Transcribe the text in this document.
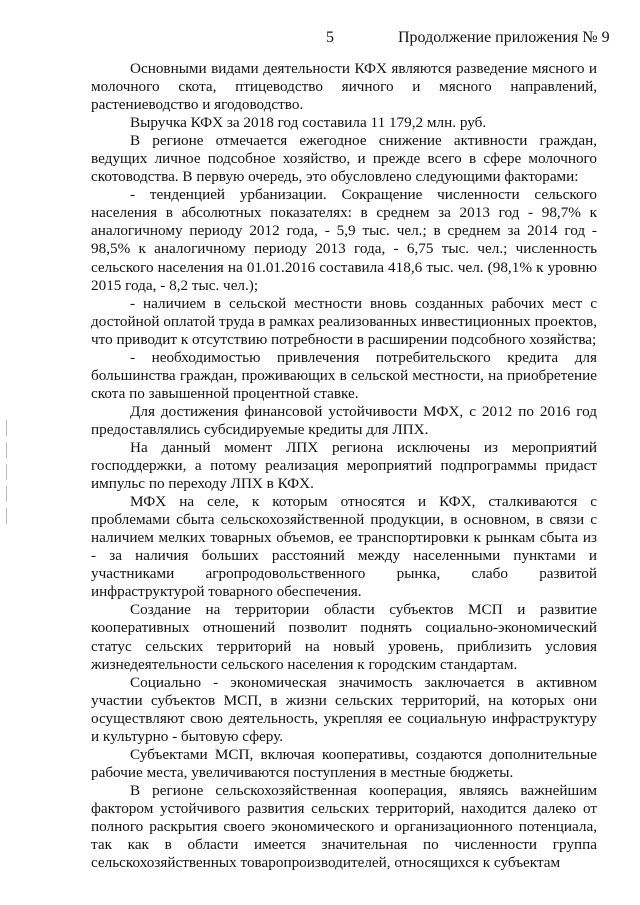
5	Продолжение приложения № 9

Основными видами деятельности КФХ являются разведение мясного и молочного скота, птицеводство яичного и мясного направлений, растениеводство и ягодоводство.

Выручка КФХ за 2018 год составила 11 179,2 млн. руб.

В регионе отмечается ежегодное снижение активности граждан, ведущих личное подсобное хозяйство, и прежде всего в сфере молочного скотоводства. В первую очередь, это обусловлено следующими факторами:

- тенденцией урбанизации. Сокращение численности сельского населения в абсолютных показателях: в среднем за 2013 год - 98,7% к аналогичному периоду 2012 года, - 5,9 тыс. чел.; в среднем за 2014 год - 98,5% к аналогичному периоду 2013 года, - 6,75 тыс. чел.; численность сельского населения на 01.01.2016 составила 418,6 тыс. чел. (98,1% к уровню 2015 года, - 8,2 тыс. чел.);

- наличием в сельской местности вновь созданных рабочих мест с достойной оплатой труда в рамках реализованных инвестиционных проектов, что приводит к отсутствию потребности в расширении подсобного хозяйства;

- необходимостью привлечения потребительского кредита для большинства граждан, проживающих в сельской местности, на приобретение скота по завышенной процентной ставке.

Для достижения финансовой устойчивости МФХ, с 2012 по 2016 год предоставлялись субсидируемые кредиты для ЛПХ.

На данный момент ЛПХ региона исключены из мероприятий господдержки, а потому реализация мероприятий подпрограммы придаст импульс по переходу ЛПХ в КФХ.

МФХ на селе, к которым относятся и КФХ, сталкиваются с проблемами сбыта сельскохозяйственной продукции, в основном, в связи с наличием мелких товарных объемов, ее транспортировки к рынкам сбыта из - за наличия больших расстояний между населенными пунктами и участниками агропродовольственного рынка, слабо развитой инфраструктурой товарного обеспечения.

Создание на территории области субъектов МСП и развитие кооперативных отношений позволит поднять социально-экономический статус сельских территорий на новый уровень, приблизить условия жизнедеятельности сельского населения к городским стандартам.

Социально - экономическая значимость заключается в активном участии субъектов МСП, в жизни сельских территорий, на которых они осуществляют свою деятельность, укрепляя ее социальную инфраструктуру и культурно - бытовую сферу.

Субъектами МСП, включая кооперативы, создаются дополнительные рабочие места, увеличиваются поступления в местные бюджеты.

В регионе сельскохозяйственная кооперация, являясь важнейшим фактором устойчивого развития сельских территорий, находится далеко от полного раскрытия своего экономического и организационного потенциала, так как в области имеется значительная по численности группа сельскохозяйственных товаропроизводителей, относящихся к субъектам
